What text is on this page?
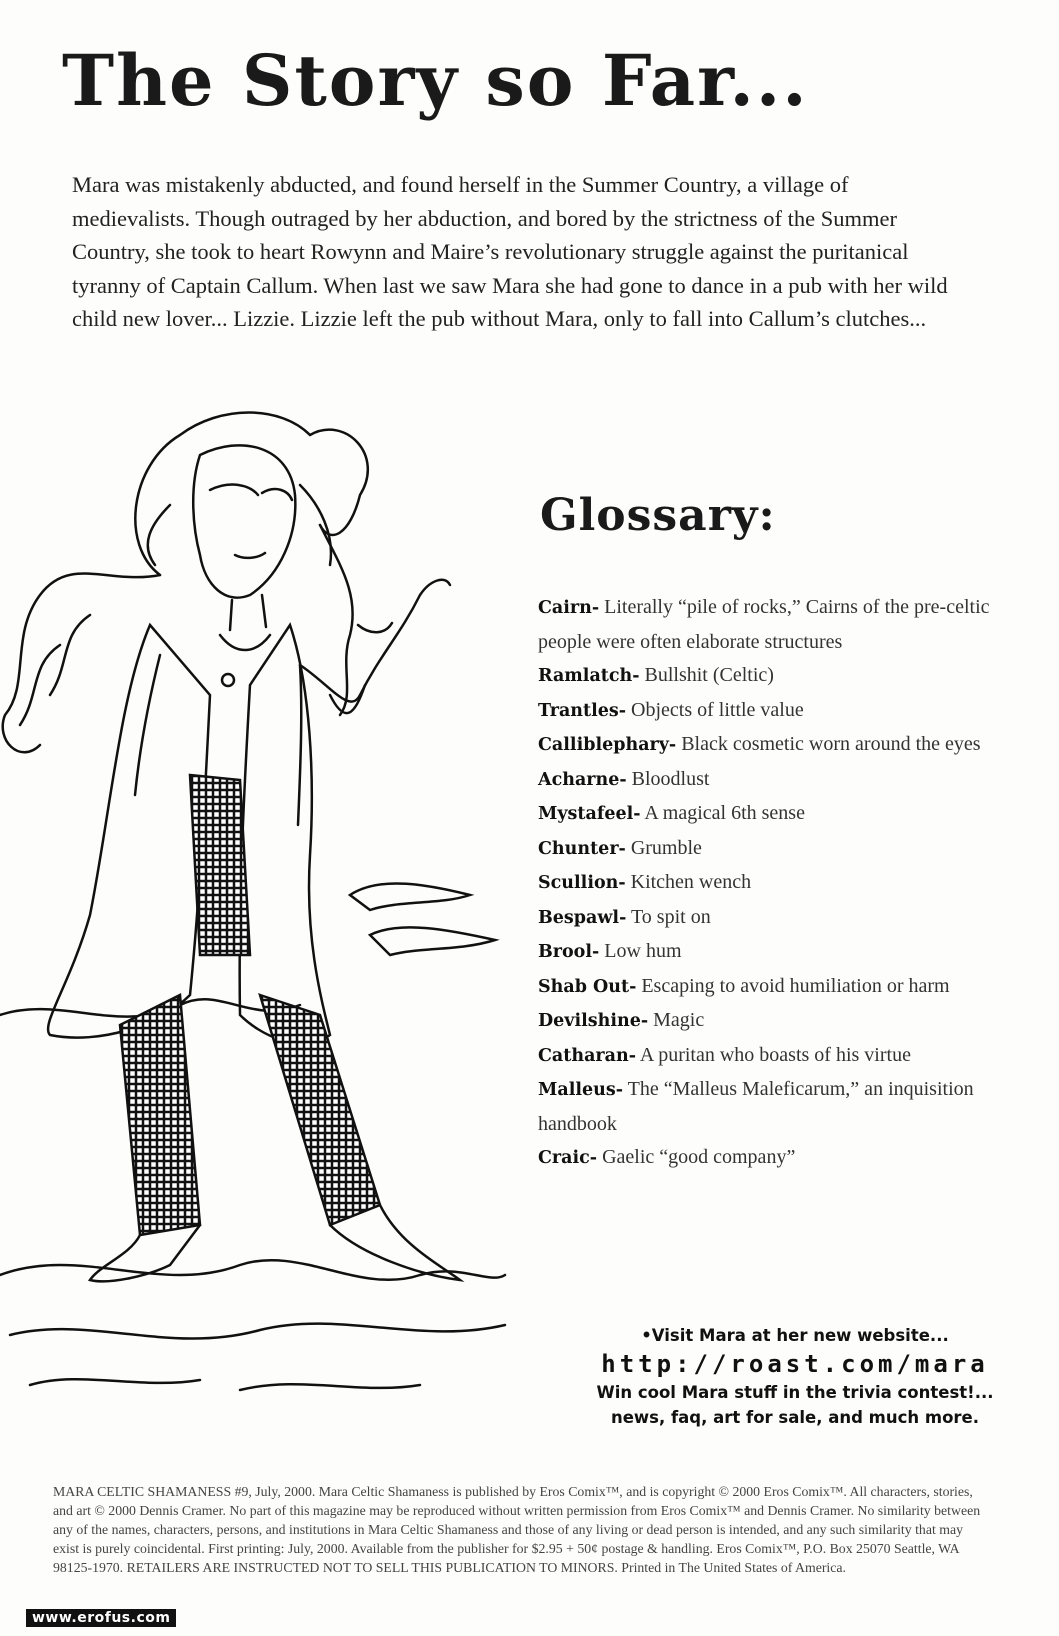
The Story so Far...

Mara was mistakenly abducted, and found herself in the Summer Country, a village of medievalists. Though outraged by her abduction, and bored by the strictness of the Summer Country, she took to heart Rowynn and Maire’s revolutionary struggle against the puritanical tyranny of Captain Callum. When last we saw Mara she had gone to dance in a pub with her wild child new lover... Lizzie. Lizzie left the pub without Mara, only to fall into Callum’s clutches...

Glossary:
Cairn- Literally “pile of rocks,” Cairns of the pre-celtic people were often elaborate structures
Ramlatch- Bullshit (Celtic)
Trantles- Objects of little value
Calliblephary- Black cosmetic worn around the eyes
Acharne- Bloodlust
Mystafeel- A magical 6th sense
Chunter- Grumble
Scullion- Kitchen wench
Bespawl- To spit on
Brool- Low hum
Shab Out- Escaping to avoid humiliation or harm
Devilshine- Magic
Catharan- A puritan who boasts of his virtue
Malleus- The “Malleus Maleficarum,” an inquisition handbook
Craic- Gaelic “good company”
•Visit Mara at her new website...
http://roast.com/mara
Win cool Mara stuff in the trivia contest!...
news, faq, art for sale, and much more.

MARA CELTIC SHAMANESS #9, July, 2000. Mara Celtic Shamaness is published by Eros Comix™, and is copyright © 2000 Eros Comix™. All characters, stories, and art © 2000 Dennis Cramer. No part of this magazine may be reproduced without written permission from Eros Comix™ and Dennis Cramer. No similarity between any of the names, characters, persons, and institutions in Mara Celtic Shamaness and those of any living or dead person is intended, and any such similarity that may exist is purely coincidental. First printing: July, 2000. Available from the publisher for $2.95 + 50¢ postage & handling. Eros Comix™, P.O. Box 25070 Seattle, WA 98125-1970. RETAILERS ARE INSTRUCTED NOT TO SELL THIS PUBLICATION TO MINORS. Printed in The United States of America.

www.erofus.com
